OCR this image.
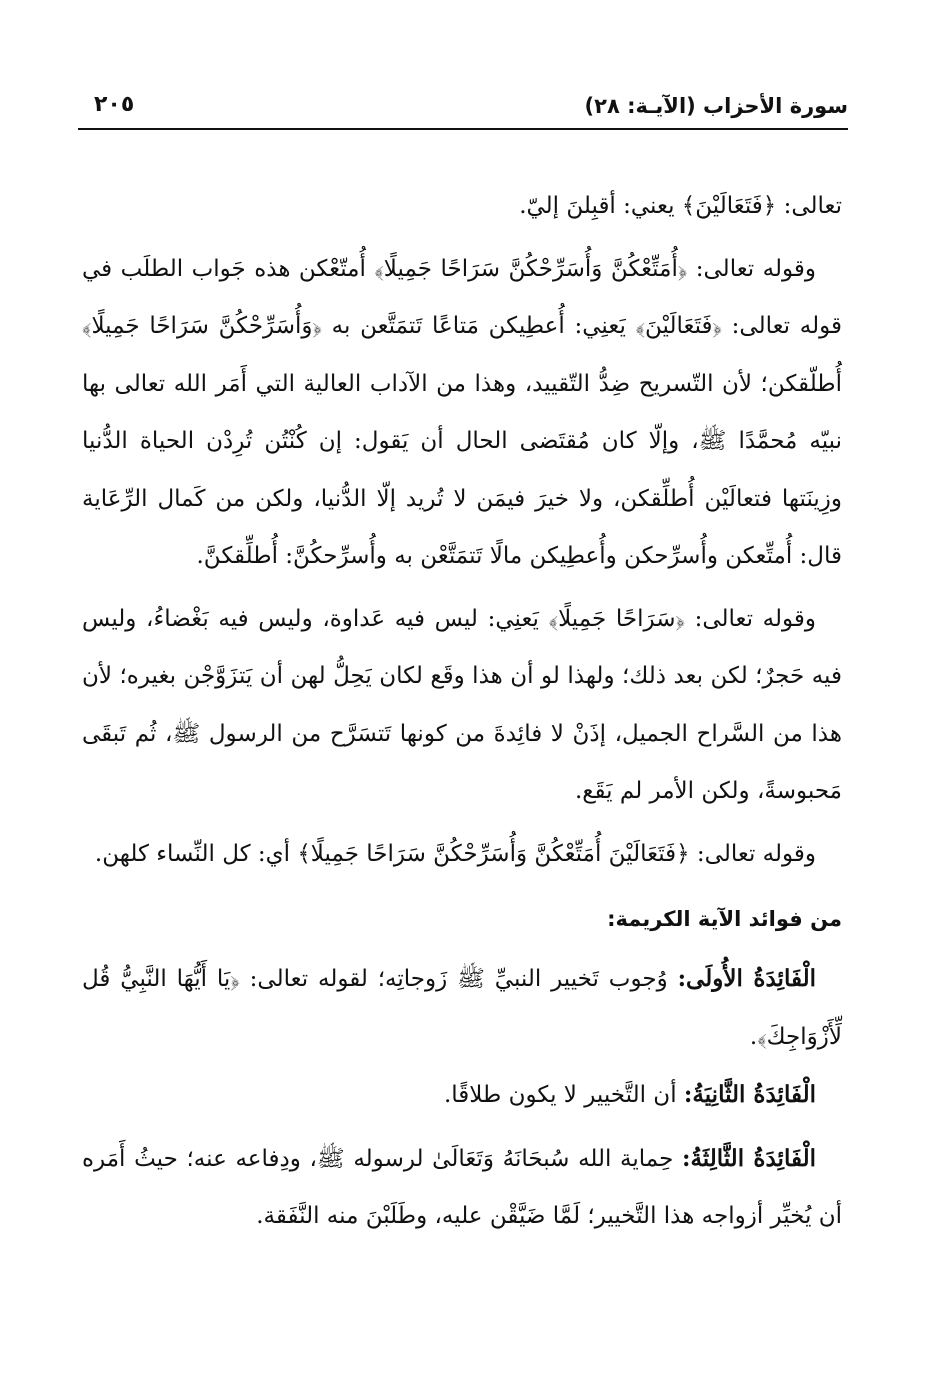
سورة الأحزاب (الآيـة: ٢٨)
٢٠٥

تعالى: ﴿فَتَعَالَيْنَ﴾ يعني: أقبِلنَ إليّ.

وقوله تعالى: ﴿أُمَتِّعْكُنَّ وَأُسَرِّحْكُنَّ سَرَاحًا جَمِيلًا﴾ أُمتّعْكن هذه جَواب الطلَب في قوله تعالى: ﴿فَتَعَالَيْنَ﴾ يَعنِي: أُعطِيكن مَتاعًا تَتمَتَّعن به ﴿وَأُسَرِّحْكُنَّ سَرَاحًا جَمِيلًا﴾ أُطلّقكن؛ لأن التّسريح ضِدُّ التّقييد، وهذا من الآداب العالية التي أَمَر الله تعالى بها نبيّه مُحمَّدًا ﷺ، وإلّا كان مُقتَضى الحال أن يَقول: إن كُنْتُن تُرِدْن الحياة الدُّنيا وزِينَتها فتعالَيْن أُطلِّقكن، ولا خيرَ فيمَن لا تُريد إلّا الدُّنيا، ولكن من كَمال الرِّعَاية قال: أُمتِّعكن وأُسرِّحكن وأُعطِيكن مالًا تَتمَتَّعْن به وأُسرِّحكُنَّ: أُطلِّقكنَّ.

وقوله تعالى: ﴿سَرَاحًا جَمِيلًا﴾ يَعنِي: ليس فيه عَداوة، وليس فيه بَغْضاءُ، وليس فيه حَجرٌ؛ لكن بعد ذلك؛ ولهذا لو أن هذا وقَع لكان يَحِلُّ لهن أن يَتزَوَّجْن بغيره؛ لأن هذا من السَّراح الجميل، إذَنْ لا فائِدةَ من كونها تَتسَرَّح من الرسول ﷺ، ثُم تَبقَى مَحبوسةً، ولكن الأمر لم يَقَع.

وقوله تعالى: ﴿فَتَعَالَيْنَ أُمَتِّعْكُنَّ وَأُسَرِّحْكُنَّ سَرَاحًا جَمِيلًا﴾ أي: كل النِّساء كلهن.

من فوائد الآية الكريمة:

الْفَائِدَةُ الأُولَى: وُجوب تَخيير النبيِّ ﷺ زَوجاتِه؛ لقوله تعالى: ﴿يَا أَيُّهَا النَّبِيُّ قُل لِّأَزْوَاجِكَ﴾.

الْفَائِدَةُ الثَّانِيَةُ: أن التَّخيير لا يكون طلاقًا.

الْفَائِدَةُ الثَّالِثَةُ: حِماية الله سُبحَانَهُ وَتَعَالَىٰ لرسوله ﷺ، ودِفاعه عنه؛ حيثُ أَمَره أن يُخيِّر أزواجه هذا التَّخيير؛ لَمَّا ضَيَّقْن عليه، وطَلَبْنَ منه النَّفَقة.
